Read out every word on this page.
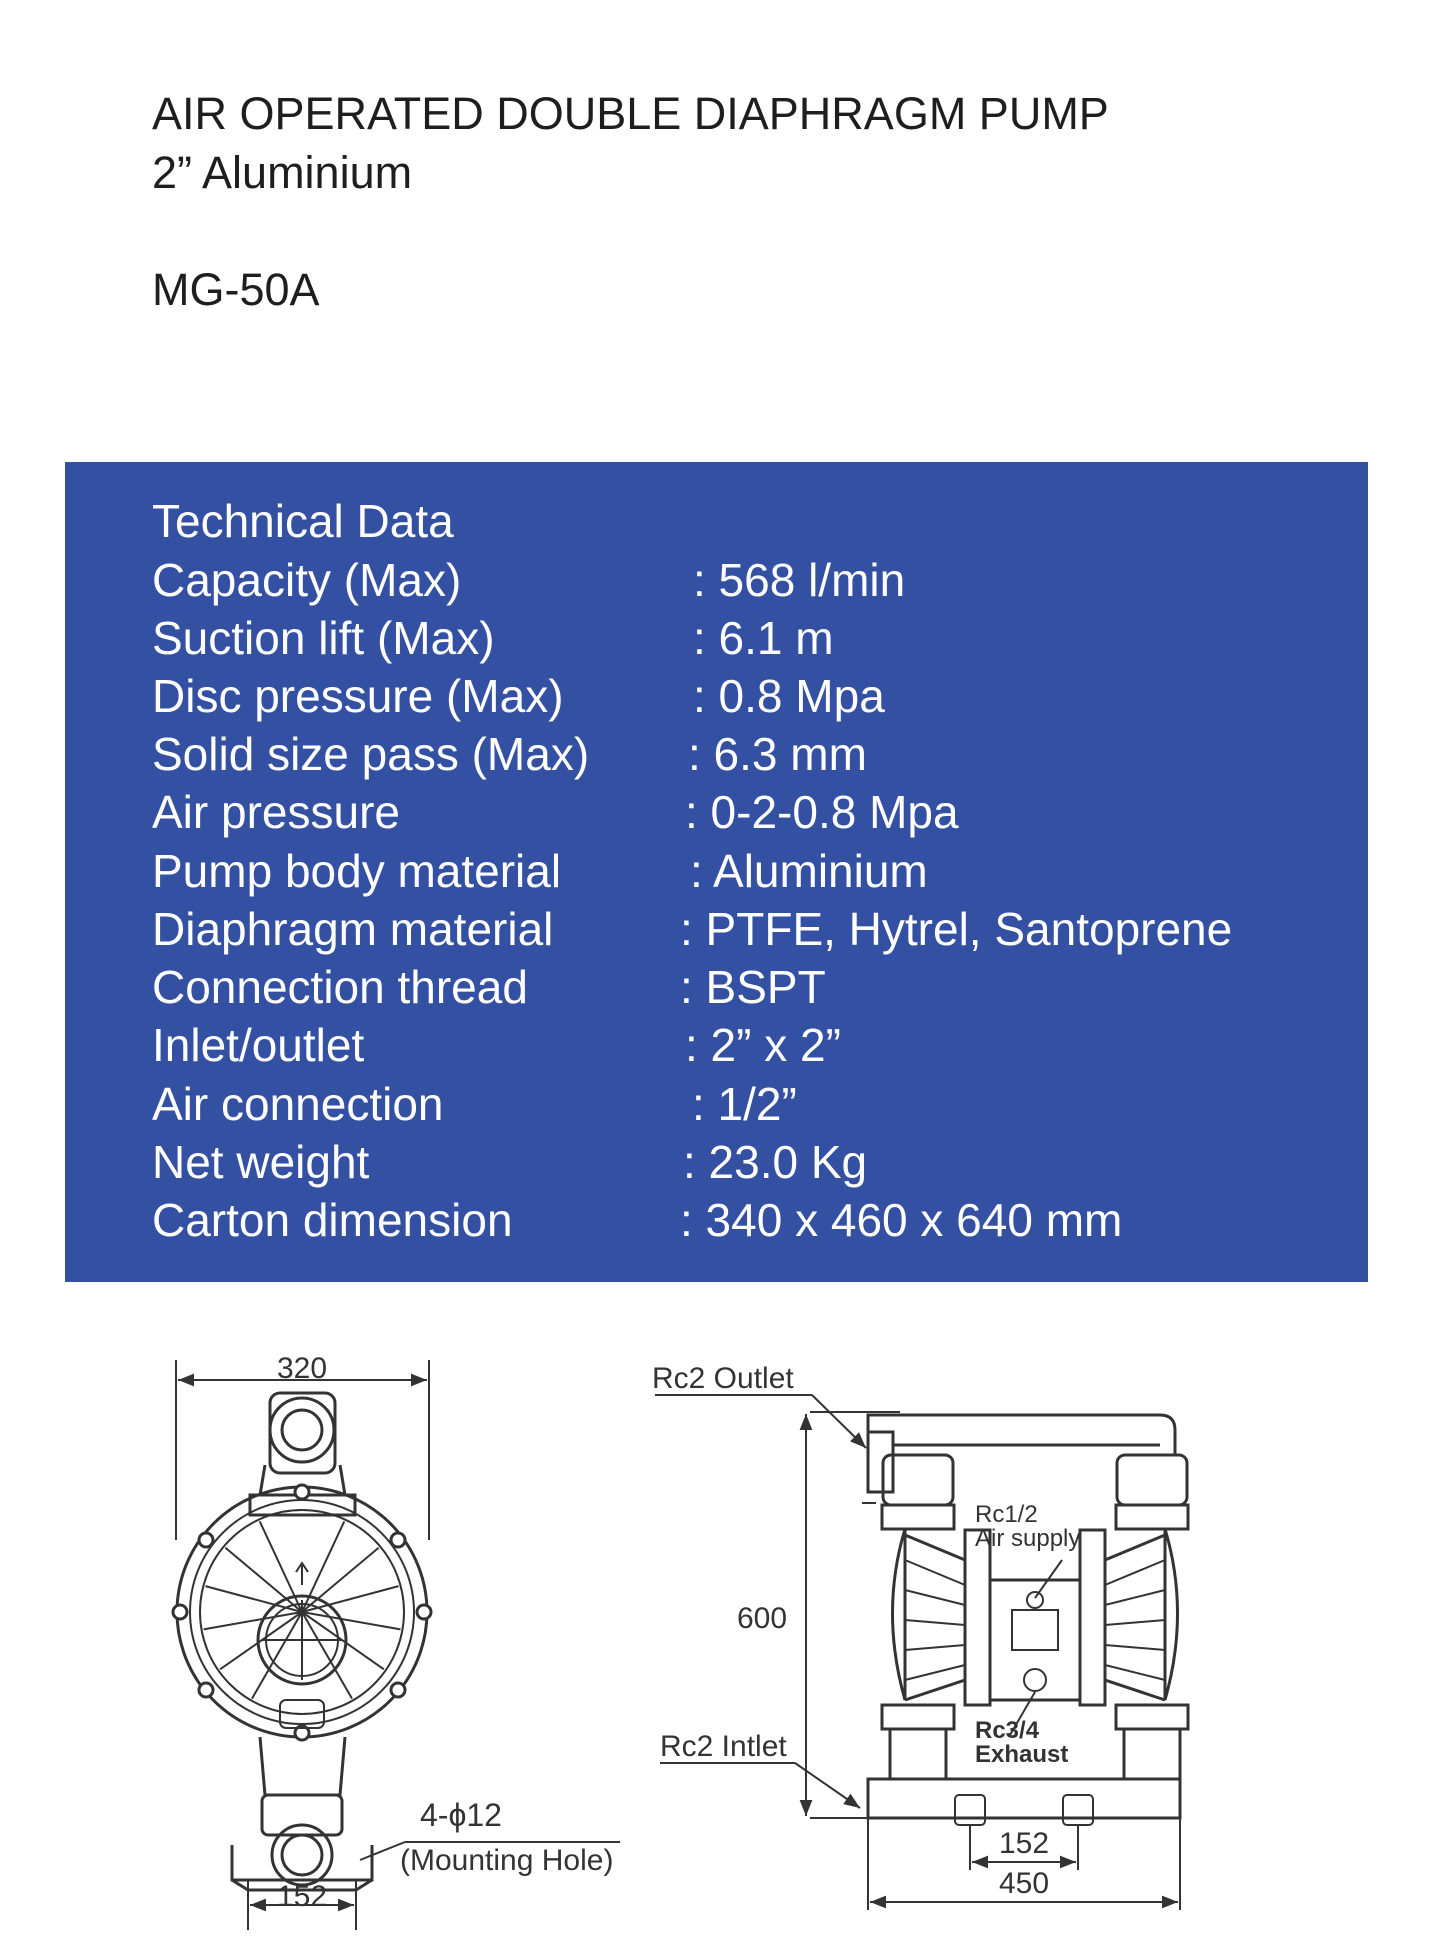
AIR OPERATED DOUBLE DIAPHRAGM PUMP
2” Aluminium
MG-50A
Technical Data
Capacity (Max)	: 568 l/min
Suction lift (Max)	: 6.1 m
Disc pressure (Max)	: 0.8 Mpa
Solid size pass (Max) : 6.3 mm
Air pressure	: 0-2-0.8 Mpa
Pump body material	: Aluminium
Diaphragm material	: PTFE, Hytrel, Santoprene
Connection thread	: BSPT
Inlet/outlet	: 2” x 2”
Air connection	: 1/2”
Net weight	: 23.0 Kg
Carton dimension	: 340 x 460 x 640 mm
320
152
4-ϕ12
(Mounting Hole)
Rc2 Outlet
Rc2 Intlet
600
Rc1/2
Air supply
Rc3/4
Exhaust
152
450
